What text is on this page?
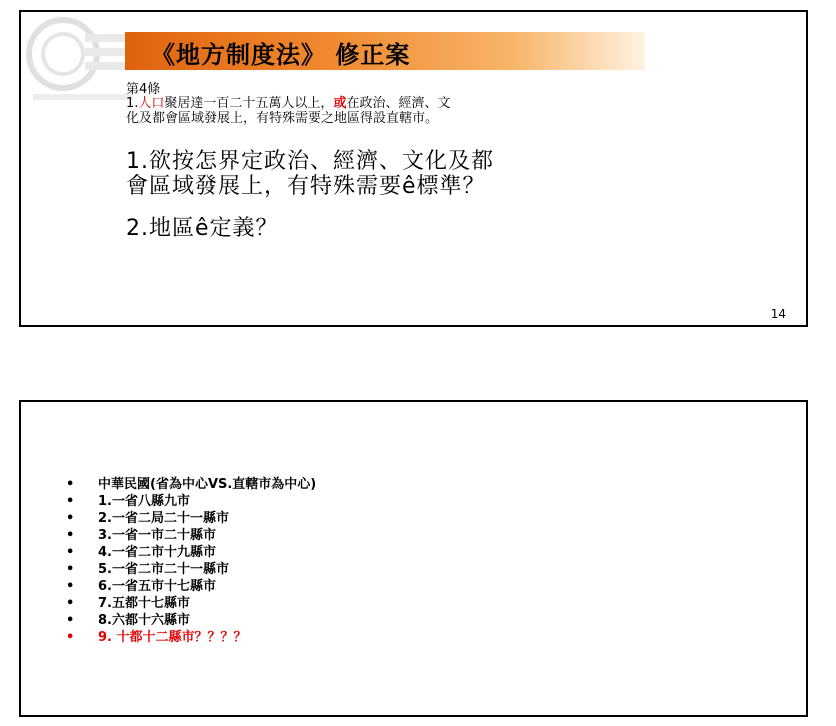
《地方制度法》 修正案
第4條
1.人口聚居達一百二十五萬人以上，或在政治、經濟、文
化及都會區域發展上，有特殊需要之地區得設直轄市。
1.欲按怎界定政治、經濟、文化及都
會區域發展上，有特殊需要ê標準？
2.地區ê定義？
14
• 中華民國(省為中心VS.直轄市為中心)
• 1.一省八縣九市
• 2.一省二局二十一縣市
• 3.一省一市二十縣市
• 4.一省二市十九縣市
• 5.一省二市二十一縣市
• 6.一省五市十七縣市
• 7.五都十七縣市
• 8.六都十六縣市
• 9. 十都十二縣市？？？？
